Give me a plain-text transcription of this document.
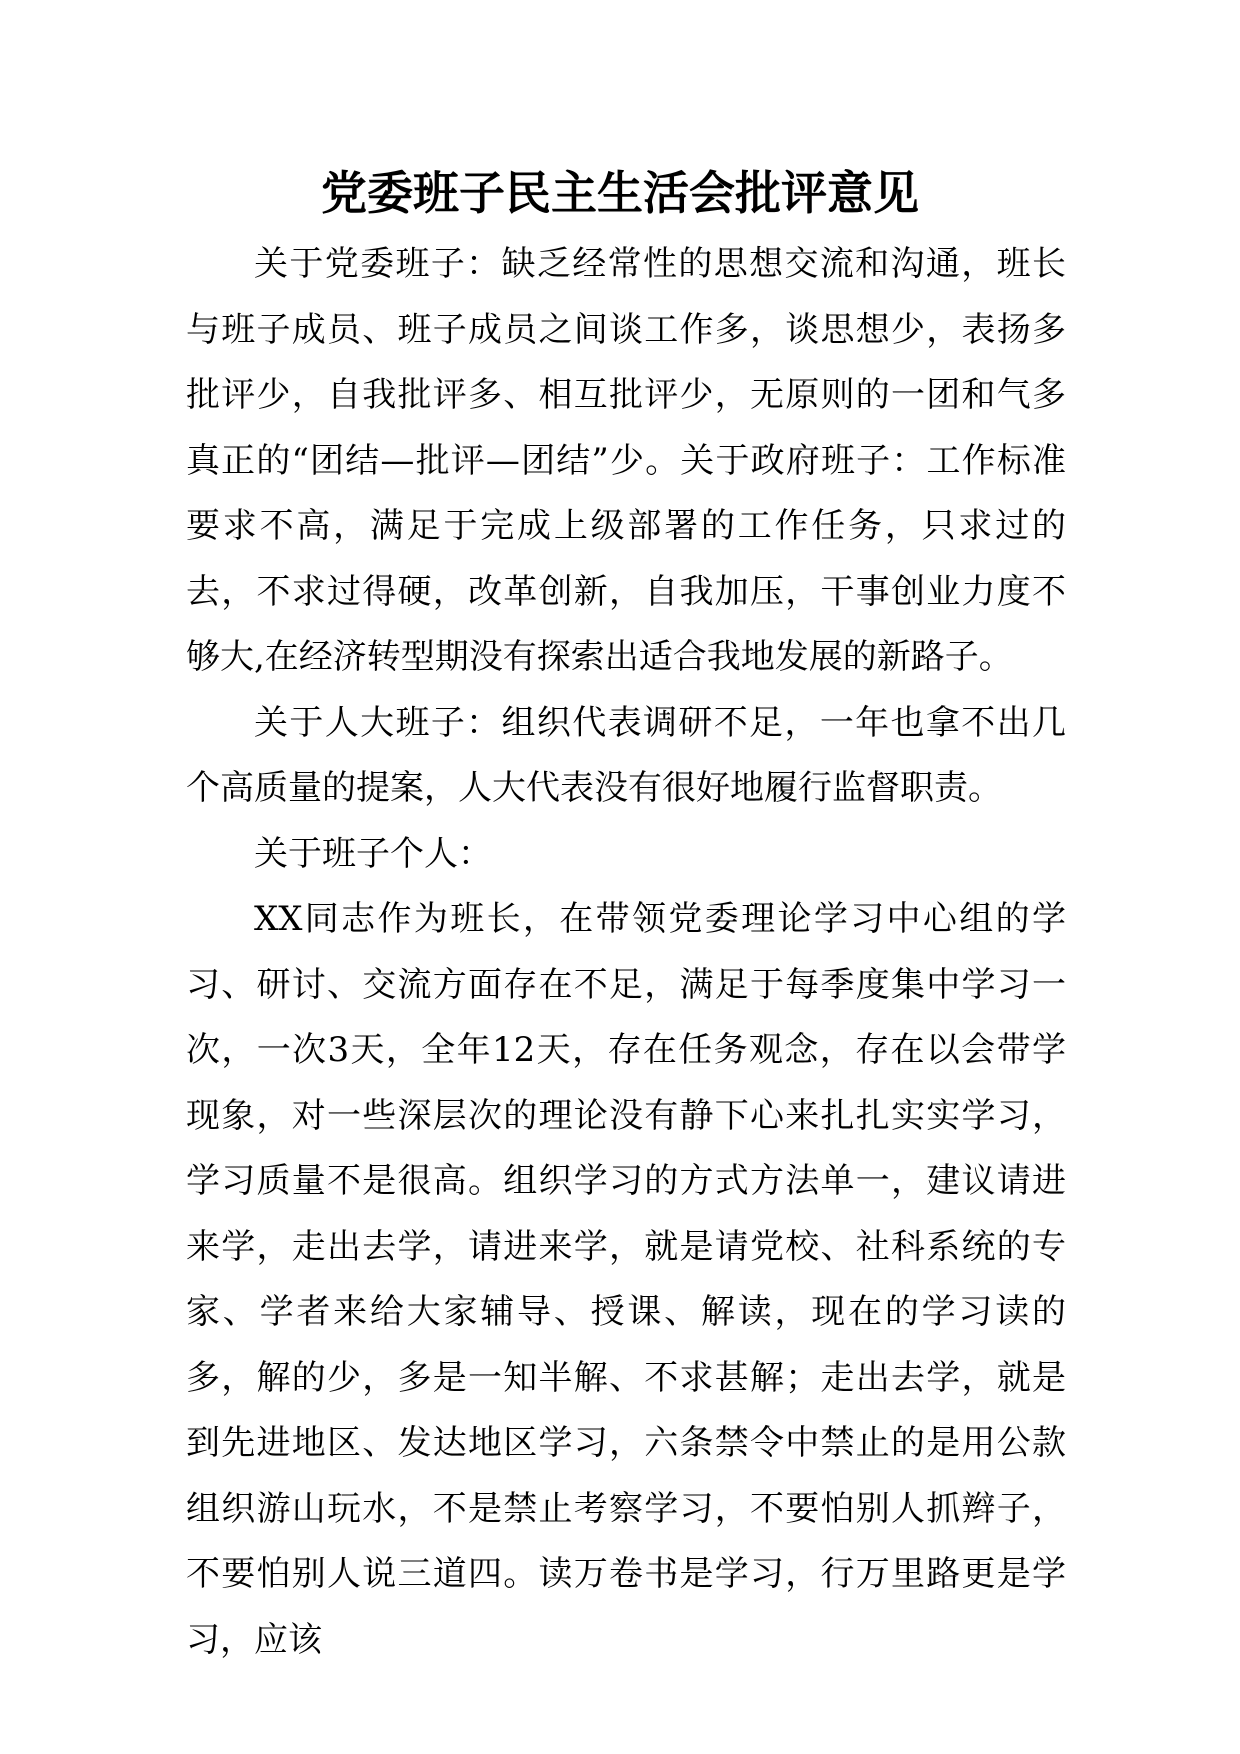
党委班子民主生活会批评意见

关于党委班子：缺乏经常性的思想交流和沟通，班长与班子成员、班子成员之间谈工作多，谈思想少，表扬多批评少，自我批评多、相互批评少，无原则的一团和气多真正的“团结—批评—团结”少。关于政府班子：工作标准要求不高，满足于完成上级部署的工作任务，只求过的去，不求过得硬，改革创新，自我加压，干事创业力度不够大,在经济转型期没有探索出适合我地发展的新路子。

关于人大班子：组织代表调研不足，一年也拿不出几个高质量的提案，人大代表没有很好地履行监督职责。

关于班子个人：

XX同志作为班长，在带领党委理论学习中心组的学习、研讨、交流方面存在不足，满足于每季度集中学习一次，一次3天，全年12天，存在任务观念，存在以会带学现象，对一些深层次的理论没有静下心来扎扎实实学习，学习质量不是很高。组织学习的方式方法单一，建议请进来学，走出去学，请进来学，就是请党校、社科系统的专家、学者来给大家辅导、授课、解读，现在的学习读的多，解的少，多是一知半解、不求甚解；走出去学，就是到先进地区、发达地区学习，六条禁令中禁止的是用公款组织游山玩水，不是禁止考察学习，不要怕别人抓辫子，不要怕别人说三道四。读万卷书是学习，行万里路更是学习，应该
